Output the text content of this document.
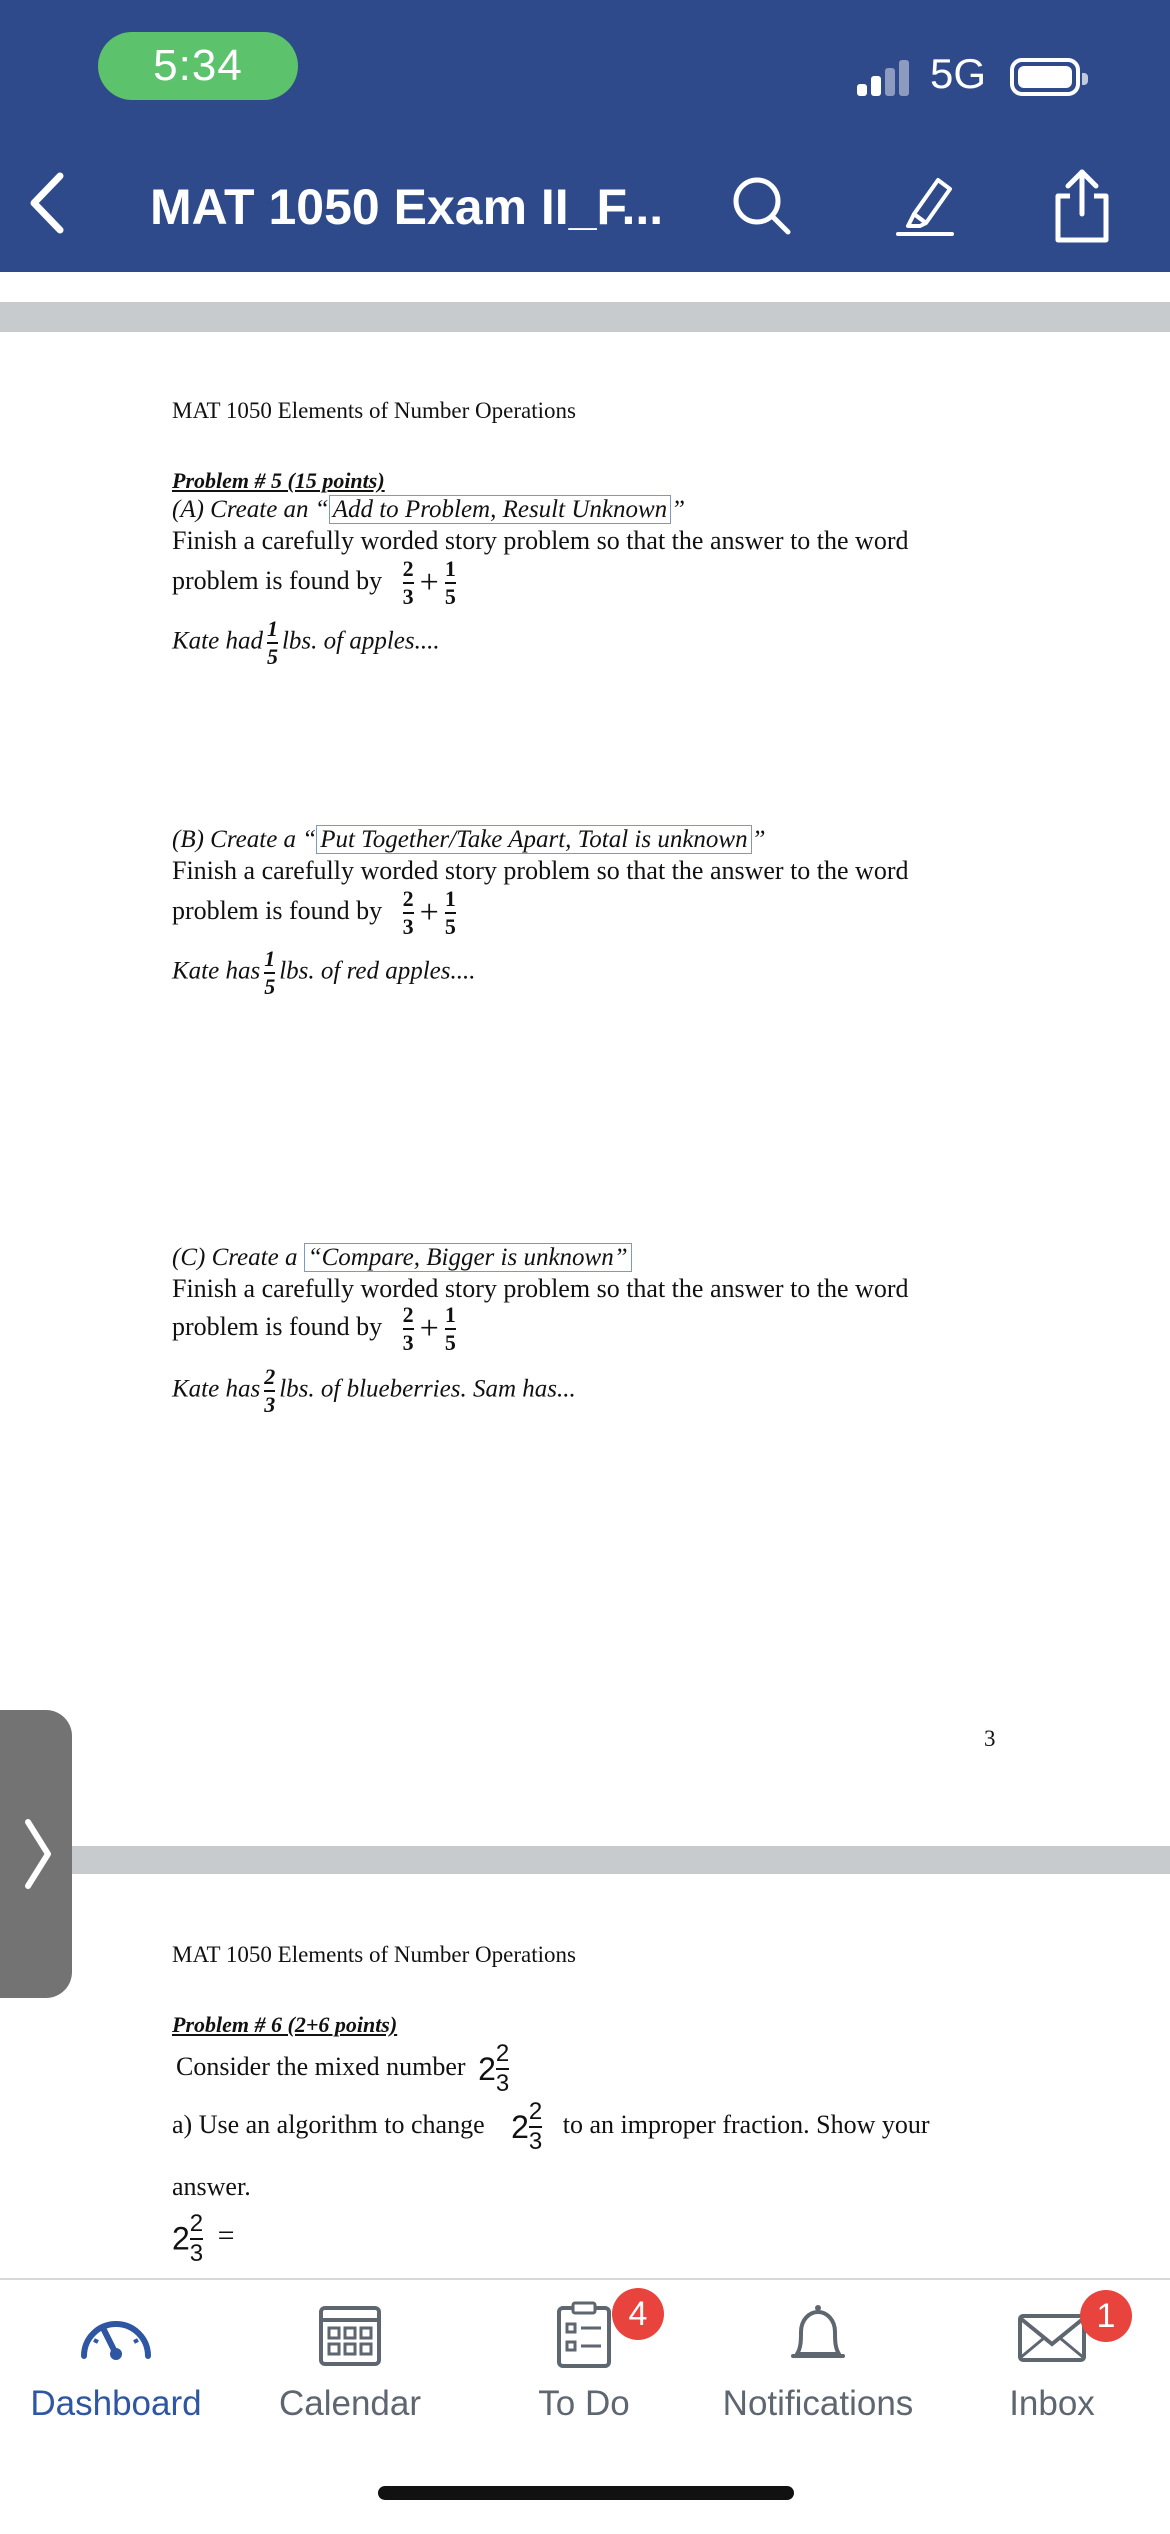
5:34	5G
MAT 1050 Exam II_F...
MAT 1050 Elements of Number Operations
Problem # 5 (15 points)
(A) Create an “ Add to Problem, Result Unknown ”
Finish a carefully worded story problem so that the answer to the word
problem is found by $\frac{2}{3} + \frac{1}{5}$
Kate had $\frac{1}{5}$ lbs. of apples....
(B) Create a “ Put Together/Take Apart, Total is unknown ”
Finish a carefully worded story problem so that the answer to the word
problem is found by $\frac{2}{3} + \frac{1}{5}$
Kate has $\frac{1}{5}$ lbs. of red apples....
(C) Create a “Compare, Bigger is unknown”
Finish a carefully worded story problem so that the answer to the word
problem is found by $\frac{2}{3} + \frac{1}{5}$
Kate has $\frac{2}{3}$ lbs. of blueberries. Sam has...
3
MAT 1050 Elements of Number Operations
Problem # 6 (2+6 points)
Consider the mixed number $2 \frac{2}{3}$
a) Use an algorithm to change $2 \frac{2}{3}$ to an improper fraction. Show your
answer.
$2 \frac{2}{3}$ =
Dashboard	Calendar	To Do
4
Notifications	Inbox
1
